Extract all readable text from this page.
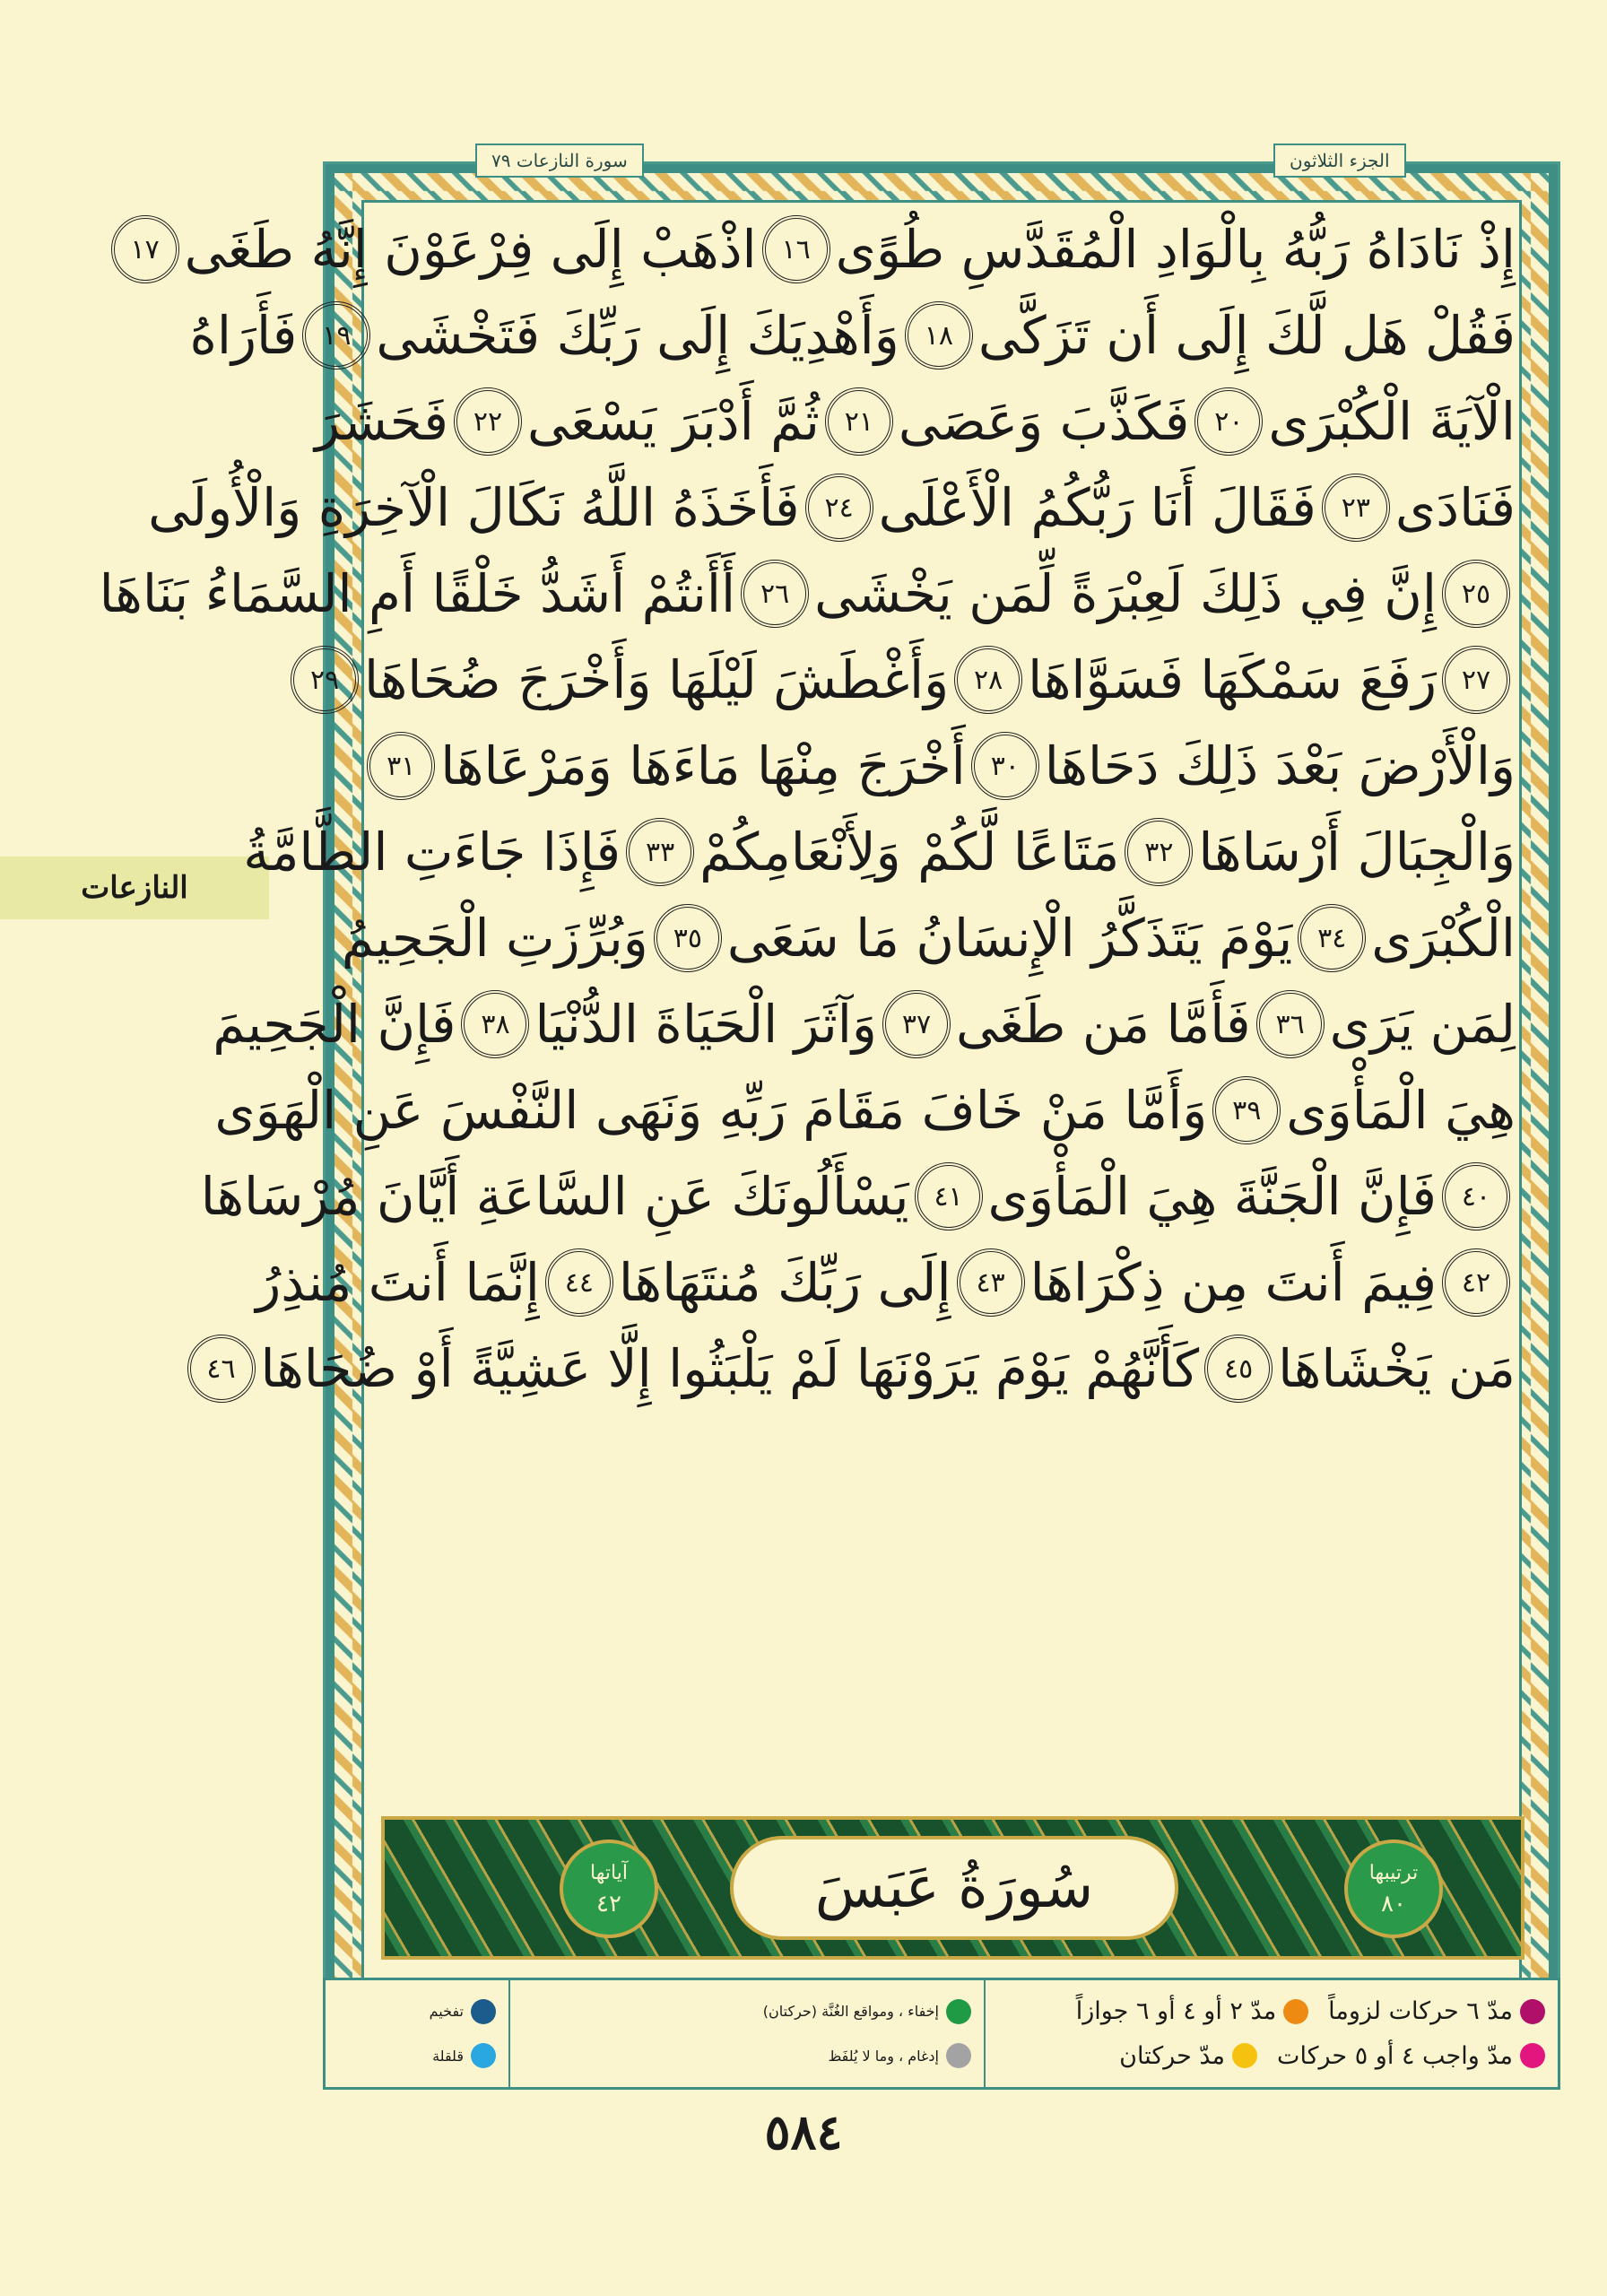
النازعات
الجزء الثلاثون
سورة النازعات ٧٩
إِذْ نَادَاهُ رَبُّهُ بِالْوَادِ الْمُقَدَّسِ طُوًى
١٦
اذْهَبْ إِلَى فِرْعَوْنَ إِنَّهُ طَغَى
١٧
فَقُلْ هَل لَّكَ إِلَى أَن تَزَكَّى
١٨
وَأَهْدِيَكَ إِلَى رَبِّكَ فَتَخْشَى
١٩
فَأَرَاهُ
الْآيَةَ الْكُبْرَى
٢٠
فَكَذَّبَ وَعَصَى
٢١
ثُمَّ أَدْبَرَ يَسْعَى
٢٢
فَحَشَرَ
فَنَادَى
٢٣
فَقَالَ أَنَا رَبُّكُمُ الْأَعْلَى
٢٤
فَأَخَذَهُ اللَّهُ نَكَالَ الْآخِرَةِ وَالْأُولَى
٢٥
إِنَّ فِي ذَلِكَ لَعِبْرَةً لِّمَن يَخْشَى
٢٦
أَأَنتُمْ أَشَدُّ خَلْقًا أَمِ السَّمَاءُ بَنَاهَا
٢٧
رَفَعَ سَمْكَهَا فَسَوَّاهَا
٢٨
وَأَغْطَشَ لَيْلَهَا وَأَخْرَجَ ضُحَاهَا
٢٩
وَالْأَرْضَ بَعْدَ ذَلِكَ دَحَاهَا
٣٠
أَخْرَجَ مِنْهَا مَاءَهَا وَمَرْعَاهَا
٣١
وَالْجِبَالَ أَرْسَاهَا
٣٢
مَتَاعًا لَّكُمْ وَلِأَنْعَامِكُمْ
٣٣
فَإِذَا جَاءَتِ الطَّامَّةُ
الْكُبْرَى
٣٤
يَوْمَ يَتَذَكَّرُ الْإِنسَانُ مَا سَعَى
٣٥
وَبُرِّزَتِ الْجَحِيمُ
لِمَن يَرَى
٣٦
فَأَمَّا مَن طَغَى
٣٧
وَآثَرَ الْحَيَاةَ الدُّنْيَا
٣٨
فَإِنَّ الْجَحِيمَ
هِيَ الْمَأْوَى
٣٩
وَأَمَّا مَنْ خَافَ مَقَامَ رَبِّهِ وَنَهَى النَّفْسَ عَنِ الْهَوَى
٤٠
فَإِنَّ الْجَنَّةَ هِيَ الْمَأْوَى
٤١
يَسْأَلُونَكَ عَنِ السَّاعَةِ أَيَّانَ مُرْسَاهَا
٤٢
فِيمَ أَنتَ مِن ذِكْرَاهَا
٤٣
إِلَى رَبِّكَ مُنتَهَاهَا
٤٤
إِنَّمَا أَنتَ مُنذِرُ
مَن يَخْشَاهَا
٤٥
كَأَنَّهُمْ يَوْمَ يَرَوْنَهَا لَمْ يَلْبَثُوا إِلَّا عَشِيَّةً أَوْ ضُحَاهَا
٤٦
سُورَةُ عَبَسَ	ترتيبها
٨٠
آياتها
٤٢
مدّ ٦ حركات لزوماً
مدّ ٢ أو ٤ أو ٦ جوازاً
مدّ واجب ٤ أو ٥ حركات
مدّ حركتان
إخفاء ، ومواقع الغُنَّة (حركتان)
إدغام ، وما لا يُلفَظ
تفخيم
قلقلة
٥٨٤
